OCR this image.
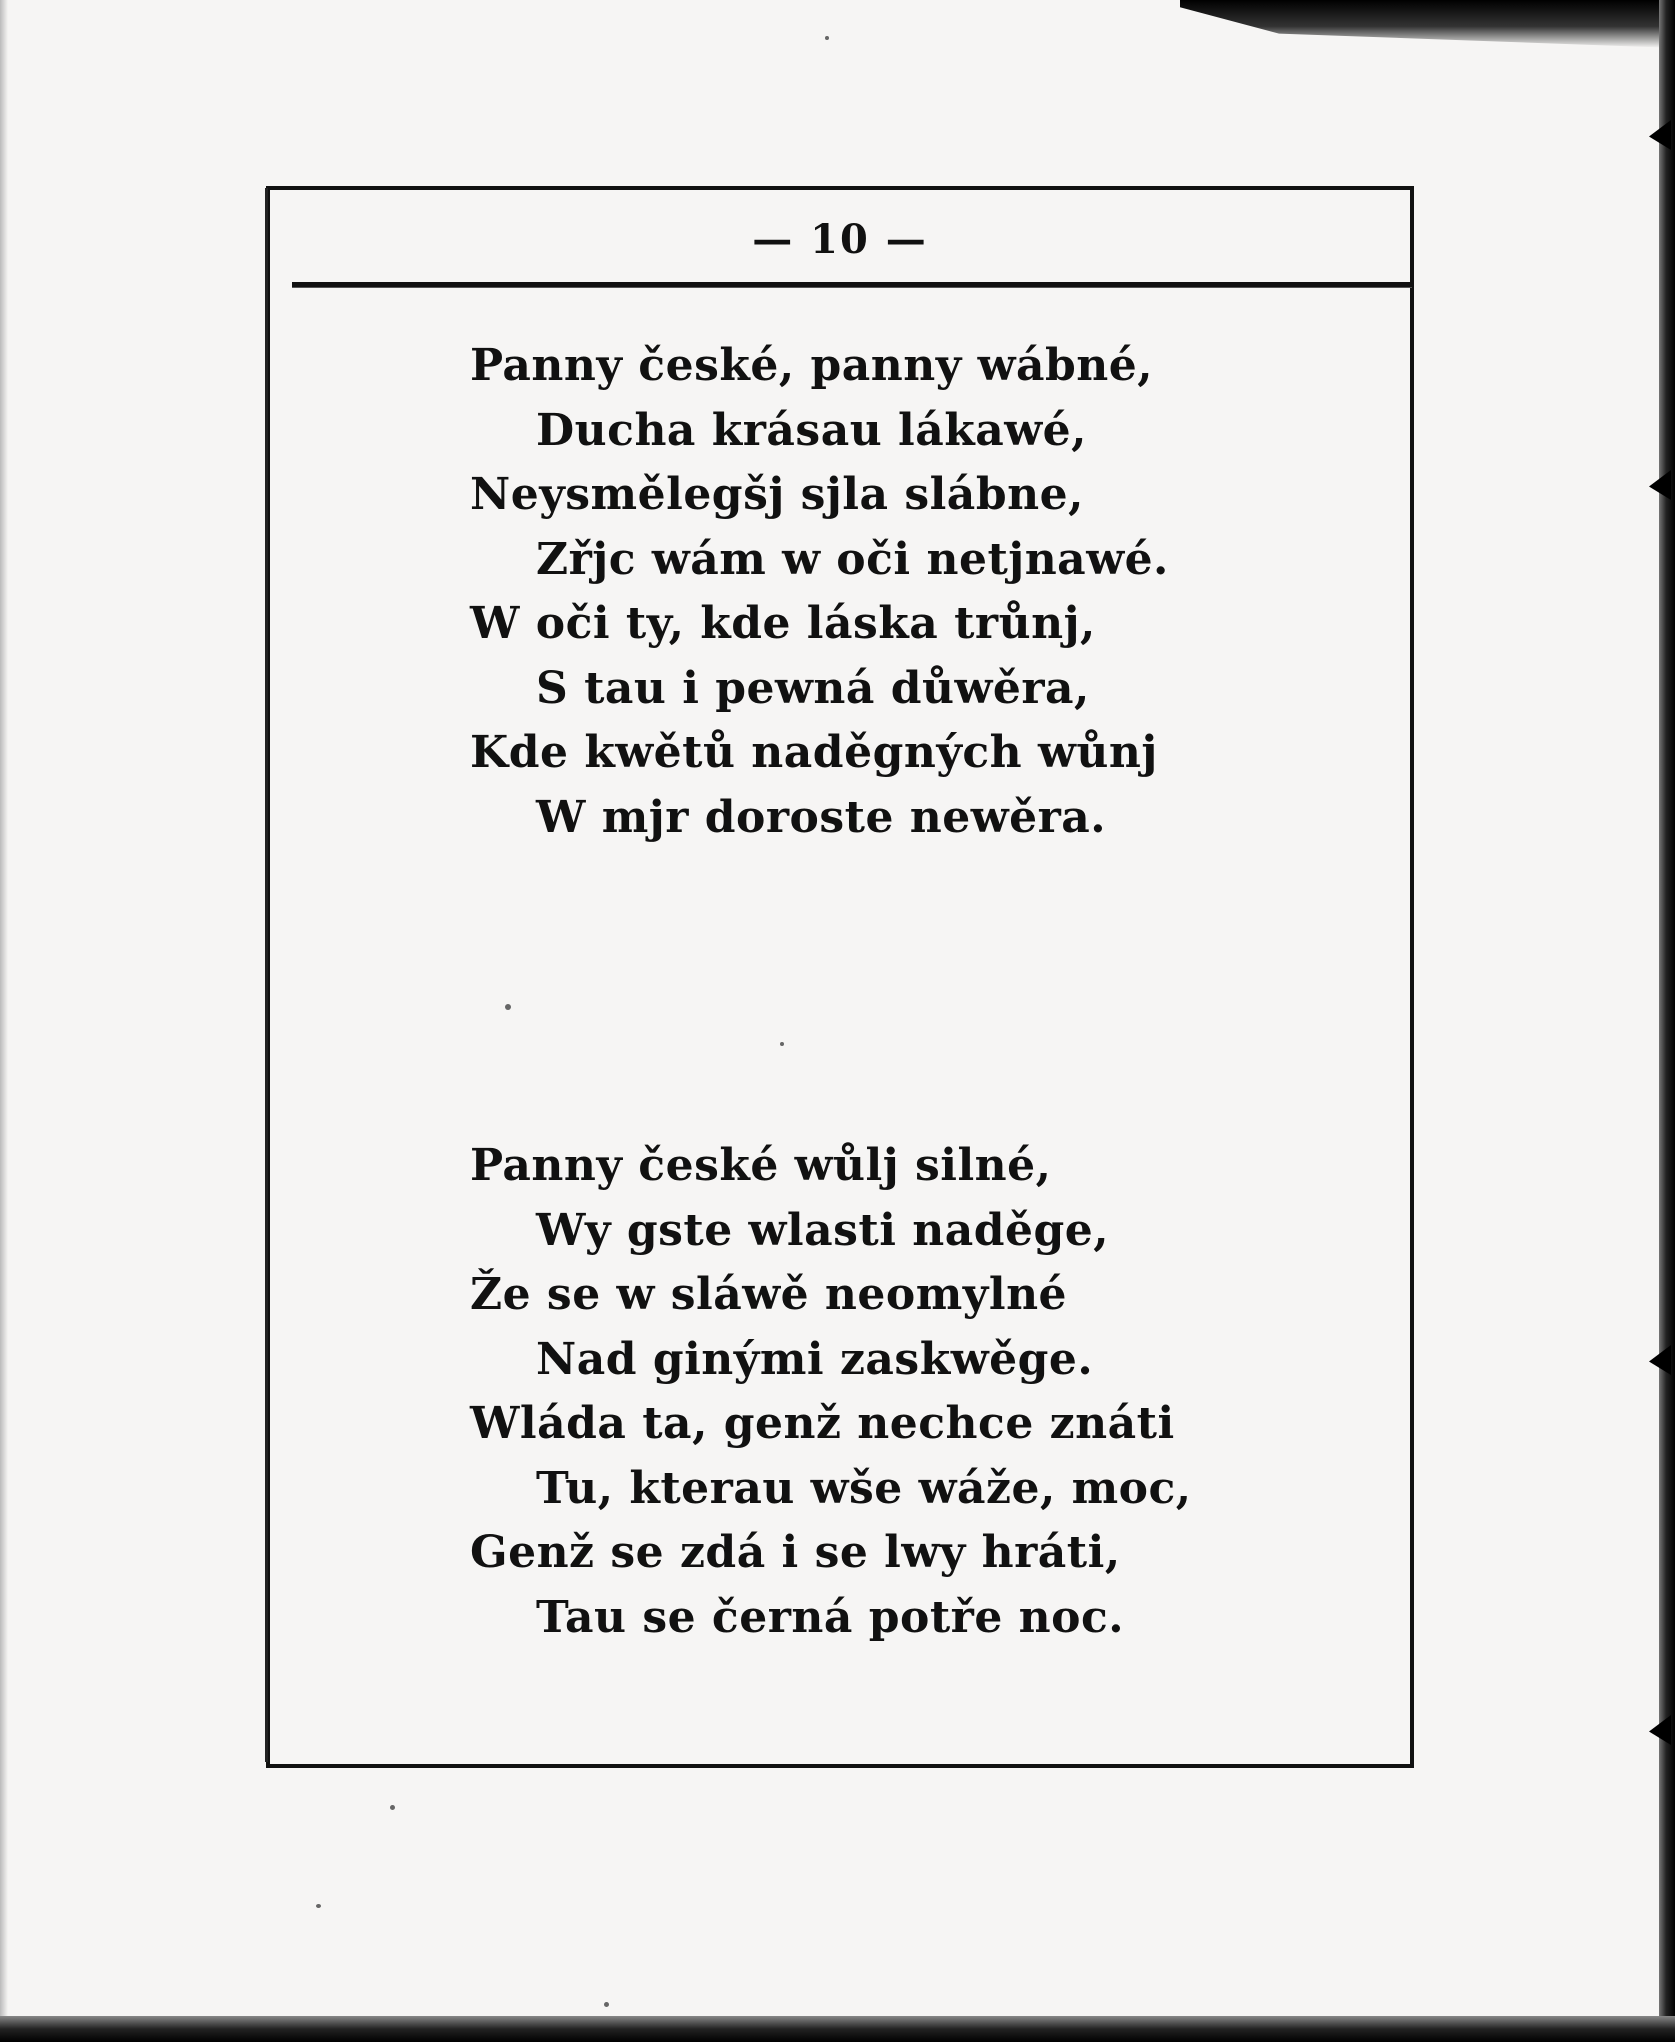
— 10 —
Panny české, panny wábné,
Ducha krásau lákawé,
Neysmělegšj sjla slábne,
Zřjc wám w oči netjnawé.
W oči ty, kde láska trůnj,
S tau i pewná důwěra,
Kde kwětů naděgných wůnj
W mjr doroste newěra.
Panny české wůlj silné,
Wy gste wlasti naděge,
Že se w sláwě neomylné
Nad ginými zaskwěge.
Wláda ta, genž nechce znáti
Tu, kterau wše wáže, moc,
Genž se zdá i se lwy hráti,
Tau se černá potře noc.
